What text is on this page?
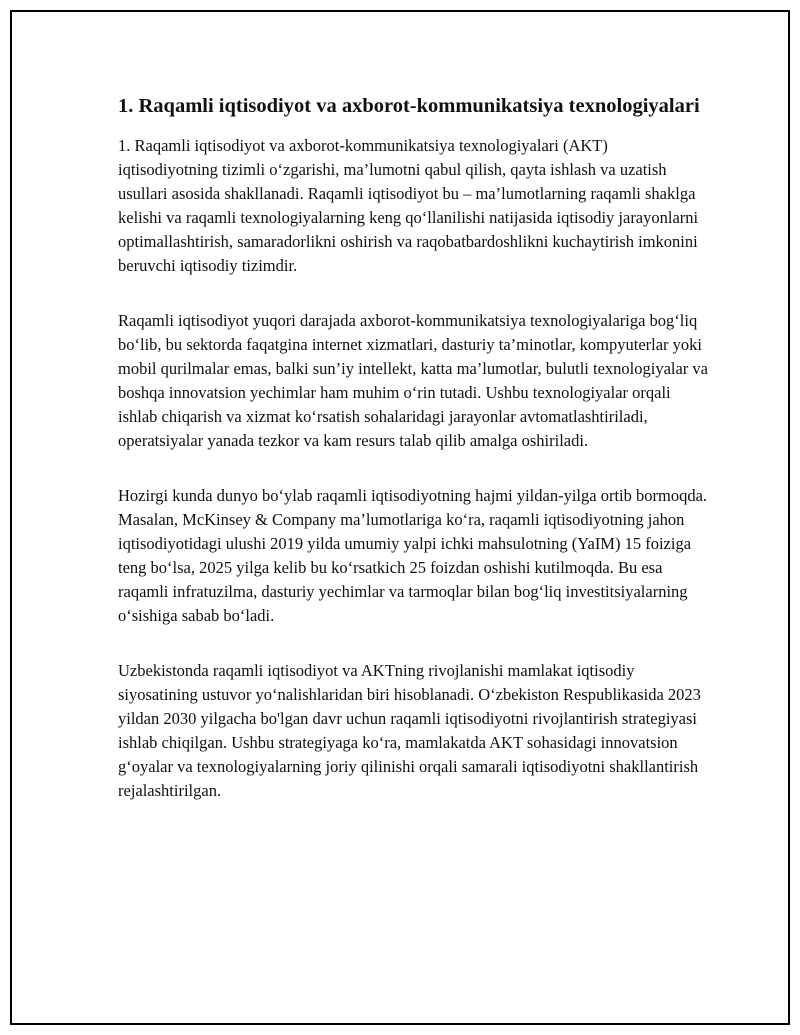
1. Raqamli iqtisodiyot va axborot-kommunikatsiya texnologiyalari

1. Raqamli iqtisodiyot va axborot-kommunikatsiya texnologiyalari (AKT) iqtisodiyotning tizimli o‘zgarishi, ma’lumotni qabul qilish, qayta ishlash va uzatish usullari asosida shakllanadi. Raqamli iqtisodiyot bu – ma’lumotlarning raqamli shaklga kelishi va raqamli texnologiyalarning keng qo‘llanilishi natijasida iqtisodiy jarayonlarni optimallashtirish, samaradorlikni oshirish va raqobatbardoshlikni kuchaytirish imkonini beruvchi iqtisodiy tizimdir.

Raqamli iqtisodiyot yuqori darajada axborot-kommunikatsiya texnologiyalariga bog‘liq bo‘lib, bu sektorda faqatgina internet xizmatlari, dasturiy ta’minotlar, kompyuterlar yoki mobil qurilmalar emas, balki sun’iy intellekt, katta ma’lumotlar, bulutli texnologiyalar va boshqa innovatsion yechimlar ham muhim o‘rin tutadi. Ushbu texnologiyalar orqali ishlab chiqarish va xizmat ko‘rsatish sohalaridagi jarayonlar avtomatlashtiriladi, operatsiyalar yanada tezkor va kam resurs talab qilib amalga oshiriladi.

Hozirgi kunda dunyo bo‘ylab raqamli iqtisodiyotning hajmi yildan-yilga ortib bormoqda. Masalan, McKinsey & Company ma’lumotlariga ko‘ra, raqamli iqtisodiyotning jahon iqtisodiyotidagi ulushi 2019 yilda umumiy yalpi ichki mahsulotning (YaIM) 15 foiziga teng bo‘lsa, 2025 yilga kelib bu ko‘rsatkich 25 foizdan oshishi kutilmoqda. Bu esa raqamli infratuzilma, dasturiy yechimlar va tarmoqlar bilan bog‘liq investitsiyalarning o‘sishiga sabab bo‘ladi.

Uzbekistonda raqamli iqtisodiyot va AKTning rivojlanishi mamlakat iqtisodiy siyosatining ustuvor yo‘nalishlaridan biri hisoblanadi. O‘zbekiston Respublikasida 2023 yildan 2030 yilgacha bo'lgan davr uchun raqamli iqtisodiyotni rivojlantirish strategiyasi ishlab chiqilgan. Ushbu strategiyaga ko‘ra, mamlakatda AKT sohasidagi innovatsion g‘oyalar va texnologiyalarning joriy qilinishi orqali samarali iqtisodiyotni shakllantirish rejalashtirilgan.
